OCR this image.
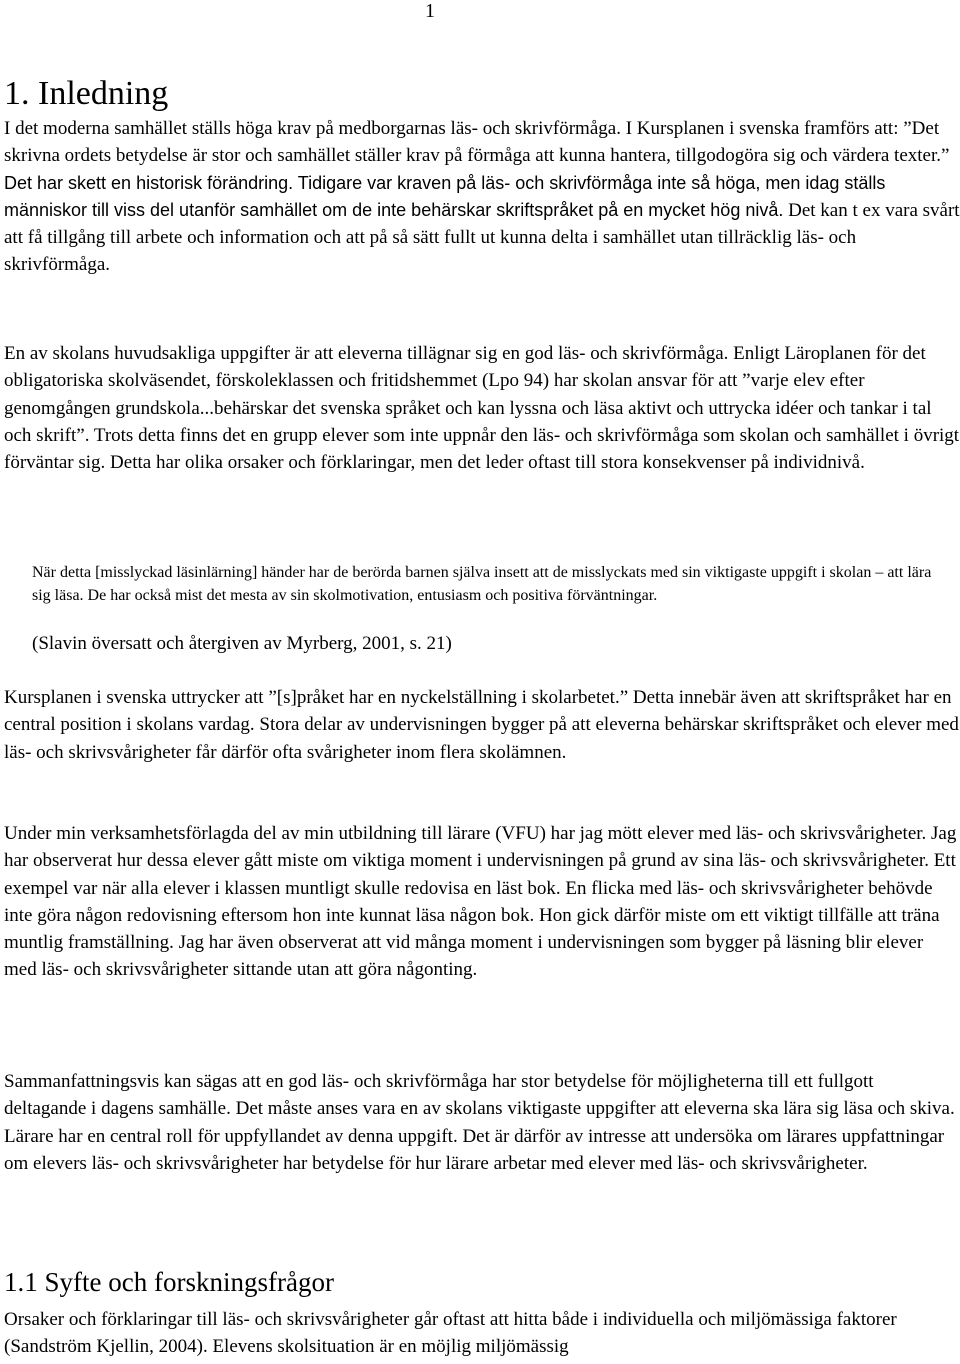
1
1. Inledning
I det moderna samhället ställs höga krav på medborgarnas läs- och skrivförmåga. I Kursplanen i svenska framförs att: ”Det skrivna ordets betydelse är stor och samhället ställer krav på förmåga att kunna hantera, tillgodogöra sig och värdera texter.” Det har skett en historisk förändring. Tidigare var kraven på läs- och skrivförmåga inte så höga, men idag ställs människor till viss del utanför samhället om de inte behärskar skriftspråket på en mycket hög nivå. Det kan t ex vara svårt att få tillgång till arbete och information och att på så sätt fullt ut kunna delta i samhället utan tillräcklig läs- och skrivförmåga.
En av skolans huvudsakliga uppgifter är att eleverna tillägnar sig en god läs- och skrivförmåga. Enligt Läroplanen för det obligatoriska skolväsendet, förskoleklassen och fritidshemmet (Lpo 94) har skolan ansvar för att ”varje elev efter genomgången grundskola...behärskar det svenska språket och kan lyssna och läsa aktivt och uttrycka idéer och tankar i tal och skrift”. Trots detta finns det en grupp elever som inte uppnår den läs- och skrivförmåga som skolan och samhället i övrigt förväntar sig. Detta har olika orsaker och förklaringar, men det leder oftast till stora konsekvenser på individnivå.
När detta [misslyckad läsinlärning] händer har de berörda barnen själva insett att de misslyckats med sin viktigaste uppgift i skolan – att lära sig läsa. De har också mist det mesta av sin skolmotivation, entusiasm och positiva förväntningar.
(Slavin översatt och återgiven av Myrberg, 2001, s. 21)
Kursplanen i svenska uttrycker att ”[s]pråket har en nyckelställning i skolarbetet.” Detta innebär även att skriftspråket har en central position i skolans vardag. Stora delar av undervisningen bygger på att eleverna behärskar skriftspråket och elever med läs- och skrivsvårigheter får därför ofta svårigheter inom flera skolämnen.
Under min verksamhetsförlagda del av min utbildning till lärare (VFU) har jag mött elever med läs- och skrivsvårigheter. Jag har observerat hur dessa elever gått miste om viktiga moment i undervisningen på grund av sina läs- och skrivsvårigheter. Ett exempel var när alla elever i klassen muntligt skulle redovisa en läst bok. En flicka med läs- och skrivsvårigheter behövde inte göra någon redovisning eftersom hon inte kunnat läsa någon bok. Hon gick därför miste om ett viktigt tillfälle att träna muntlig framställning. Jag har även observerat att vid många moment i undervisningen som bygger på läsning blir elever med läs- och skrivsvårigheter sittande utan att göra någonting.
Sammanfattningsvis kan sägas att en god läs- och skrivförmåga har stor betydelse för möjligheterna till ett fullgott deltagande i dagens samhälle. Det måste anses vara en av skolans viktigaste uppgifter att eleverna ska lära sig läsa och skiva. Lärare har en central roll för uppfyllandet av denna uppgift. Det är därför av intresse att undersöka om lärares uppfattningar om elevers läs- och skrivsvårigheter har betydelse för hur lärare arbetar med elever med läs- och skrivsvårigheter.
1.1 Syfte och forskningsfrågor
Orsaker och förklaringar till läs- och skrivsvårigheter går oftast att hitta både i individuella och miljömässiga faktorer (Sandström Kjellin, 2004). Elevens skolsituation är en möjlig miljömässig
